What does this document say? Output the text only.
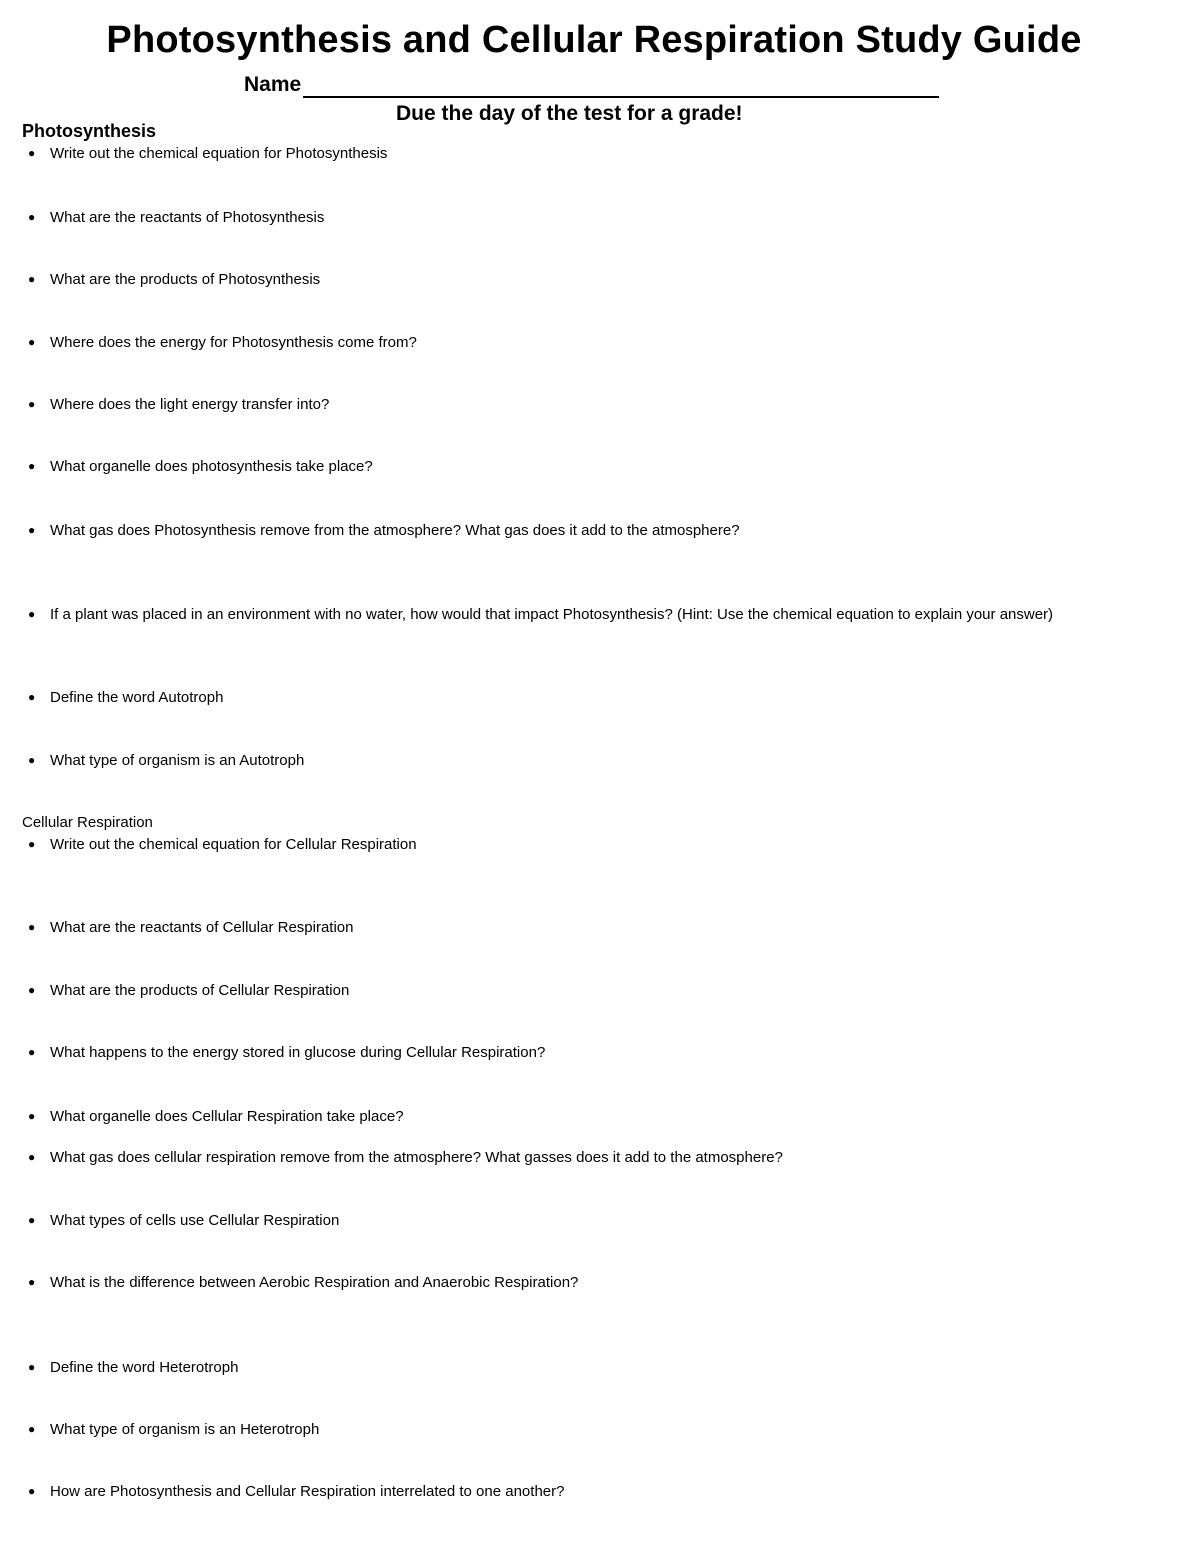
Photosynthesis and Cellular Respiration Study Guide
Name
Due the day of the test for a grade!
Photosynthesis
● Write out the chemical equation for Photosynthesis
● What are the reactants of Photosynthesis
● What are the products of Photosynthesis
● Where does the energy for Photosynthesis come from?
● Where does the light energy transfer into?
● What organelle does photosynthesis take place?
● What gas does Photosynthesis remove from the atmosphere? What gas does it add to the atmosphere?
● If a plant was placed in an environment with no water, how would that impact Photosynthesis? (Hint: Use the chemical equation to explain your answer)
● Define the word Autotroph
● What type of organism is an Autotroph
Cellular Respiration
● Write out the chemical equation for Cellular Respiration
● What are the reactants of Cellular Respiration
● What are the products of Cellular Respiration
● What happens to the energy stored in glucose during Cellular Respiration?
● What organelle does Cellular Respiration take place?
● What gas does cellular respiration remove from the atmosphere? What gasses does it add to the atmosphere?
● What types of cells use Cellular Respiration
● What is the difference between Aerobic Respiration and Anaerobic Respiration?
● Define the word Heterotroph
● What type of organism is an Heterotroph
● How are Photosynthesis and Cellular Respiration interrelated to one another?
